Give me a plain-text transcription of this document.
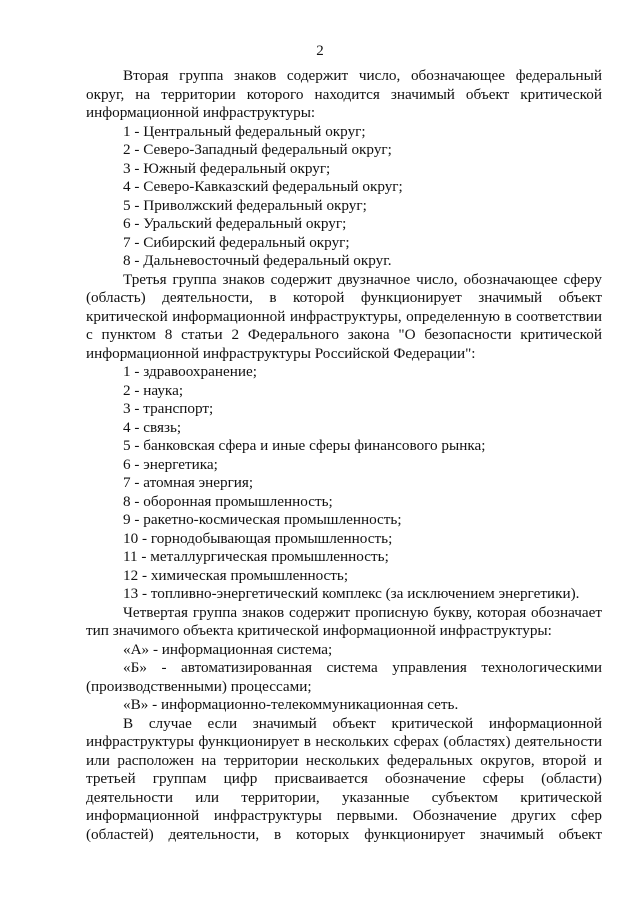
2

Вторая группа знаков содержит число, обозначающее федеральный округ, на территории которого находится значимый объект критической информационной инфраструктуры:

1 - Центральный федеральный округ;
2 - Северо-Западный федеральный округ;
3 - Южный федеральный округ;
4 - Северо-Кавказский федеральный округ;
5 - Приволжский федеральный округ;
6 - Уральский федеральный округ;
7 - Сибирский федеральный округ;
8 - Дальневосточный федеральный округ.

Третья группа знаков содержит двузначное число, обозначающее сферу (область) деятельности, в которой функционирует значимый объект критической информационной инфраструктуры, определенную в соответствии с пунктом 8 статьи 2 Федерального закона "О безопасности критической информационной инфраструктуры Российской Федерации":

1 - здравоохранение;
2 - наука;
3 - транспорт;
4 - связь;
5 - банковская сфера и иные сферы финансового рынка;
6 - энергетика;
7 - атомная энергия;
8 - оборонная промышленность;
9 - ракетно-космическая промышленность;
10 - горнодобывающая промышленность;
11 - металлургическая промышленность;
12 - химическая промышленность;
13 - топливно-энергетический комплекс (за исключением энергетики).

Четвертая группа знаков содержит прописную букву, которая обозначает тип значимого объекта критической информационной инфраструктуры:

«А» - информационная система;

«Б» - автоматизированная система управления технологическими (производственными) процессами;

«В» - информационно-телекоммуникационная сеть.

В случае если значимый объект критической информационной инфраструктуры функционирует в нескольких сферах (областях) деятельности или расположен на территории нескольких федеральных округов, второй и третьей группам цифр присваивается обозначение сферы (области) деятельности или территории, указанные субъектом критической информационной инфраструктуры первыми. Обозначение других сфер (областей) деятельности, в которых функционирует значимый объект
